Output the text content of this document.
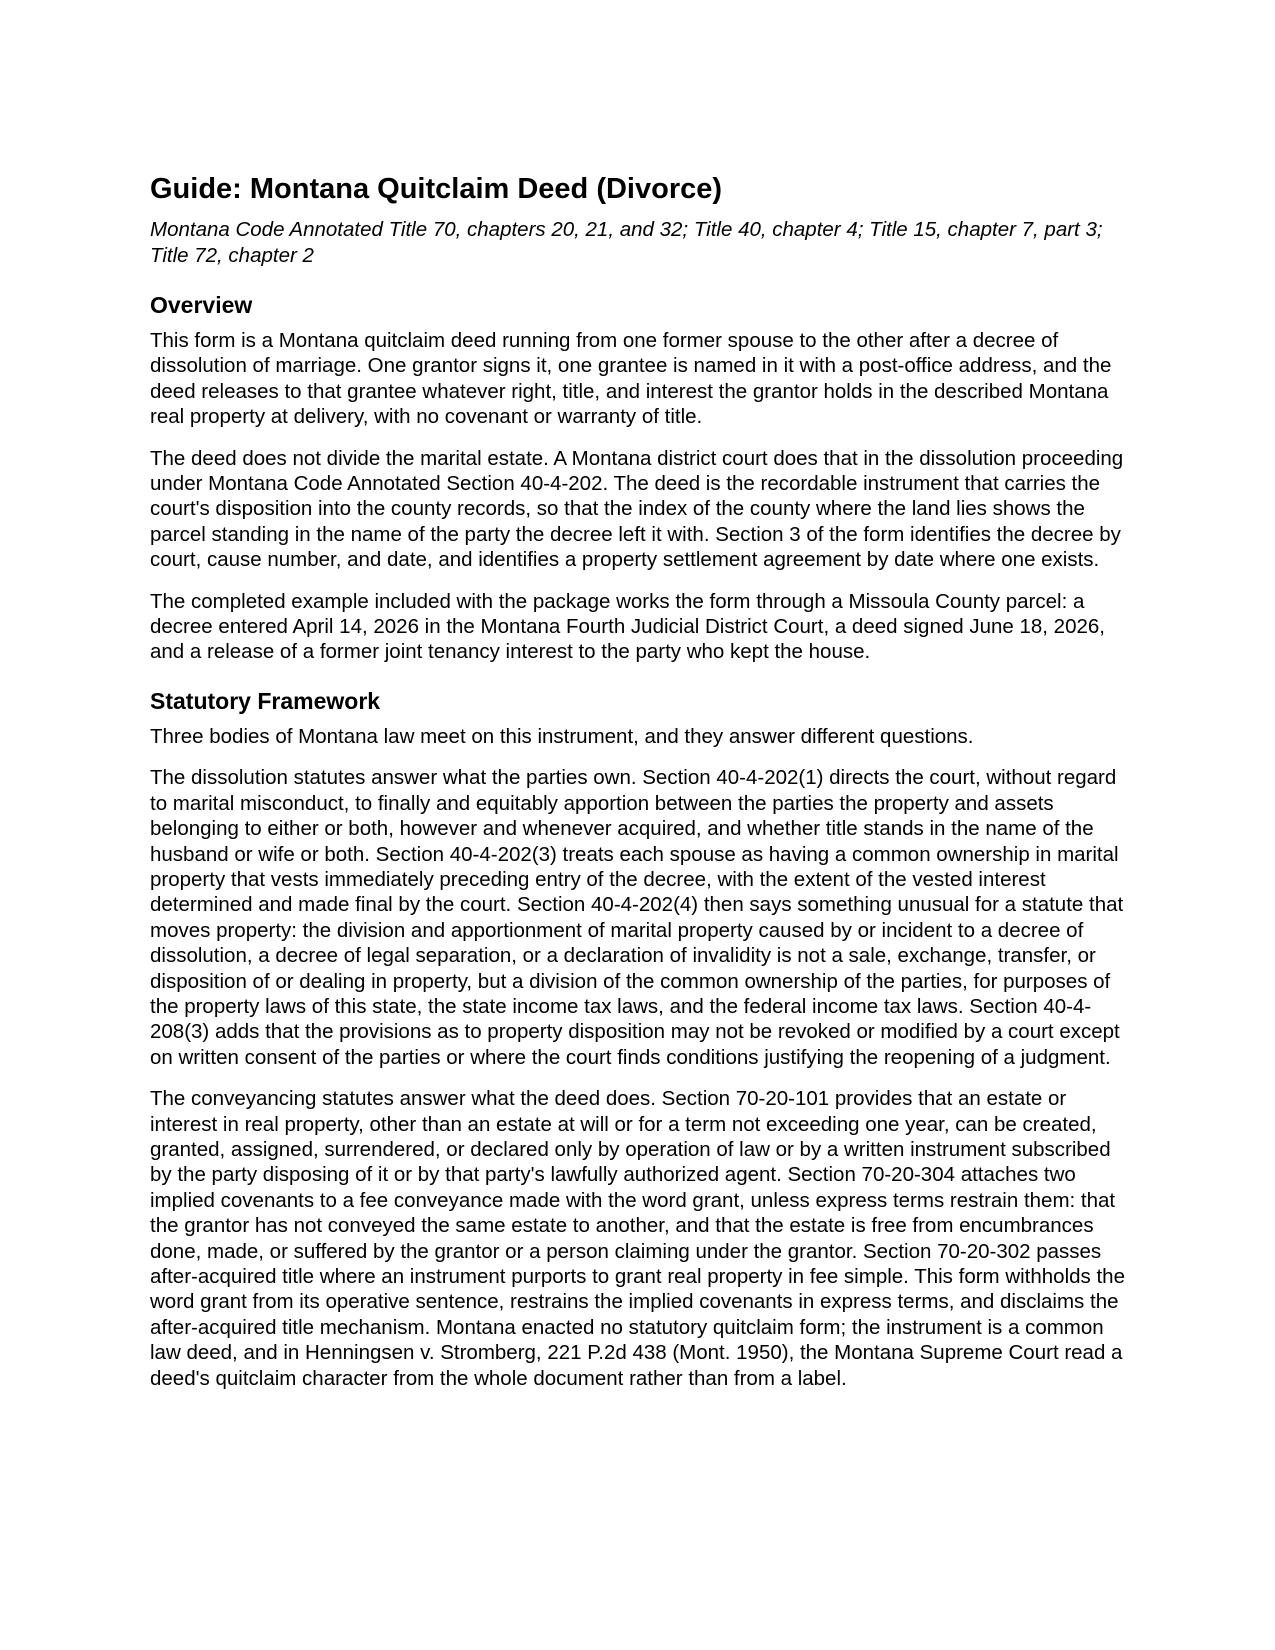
Guide: Montana Quitclaim Deed (Divorce)
Montana Code Annotated Title 70, chapters 20, 21, and 32; Title 40, chapter 4; Title 15, chapter 7, part 3; Title 72, chapter 2
Overview

This form is a Montana quitclaim deed running from one former spouse to the other after a decree of dissolution of marriage. One grantor signs it, one grantee is named in it with a post-office address, and the deed releases to that grantee whatever right, title, and interest the grantor holds in the described Montana real property at delivery, with no covenant or warranty of title.

The deed does not divide the marital estate. A Montana district court does that in the dissolution proceeding under Montana Code Annotated Section 40-4-202. The deed is the recordable instrument that carries the court's disposition into the county records, so that the index of the county where the land lies shows the parcel standing in the name of the party the decree left it with. Section 3 of the form identifies the decree by court, cause number, and date, and identifies a property settlement agreement by date where one exists.

The completed example included with the package works the form through a Missoula County parcel: a decree entered April 14, 2026 in the Montana Fourth Judicial District Court, a deed signed June 18, 2026, and a release of a former joint tenancy interest to the party who kept the house.

Statutory Framework

Three bodies of Montana law meet on this instrument, and they answer different questions.

The dissolution statutes answer what the parties own. Section 40-4-202(1) directs the court, without regard to marital misconduct, to finally and equitably apportion between the parties the property and assets belonging to either or both, however and whenever acquired, and whether title stands in the name of the husband or wife or both. Section 40-4-202(3) treats each spouse as having a common ownership in marital property that vests immediately preceding entry of the decree, with the extent of the vested interest determined and made final by the court. Section 40-4-202(4) then says something unusual for a statute that moves property: the division and apportionment of marital property caused by or incident to a decree of dissolution, a decree of legal separation, or a declaration of invalidity is not a sale, exchange, transfer, or disposition of or dealing in property, but a division of the common ownership of the parties, for purposes of the property laws of this state, the state income tax laws, and the federal income tax laws. Section 40-4-208(3) adds that the provisions as to property disposition may not be revoked or modified by a court except on written consent of the parties or where the court finds conditions justifying the reopening of a judgment.

The conveyancing statutes answer what the deed does. Section 70-20-101 provides that an estate or interest in real property, other than an estate at will or for a term not exceeding one year, can be created, granted, assigned, surrendered, or declared only by operation of law or by a written instrument subscribed by the party disposing of it or by that party's lawfully authorized agent. Section 70-20-304 attaches two implied covenants to a fee conveyance made with the word grant, unless express terms restrain them: that the grantor has not conveyed the same estate to another, and that the estate is free from encumbrances done, made, or suffered by the grantor or a person claiming under the grantor. Section 70-20-302 passes after-acquired title where an instrument purports to grant real property in fee simple. This form withholds the word grant from its operative sentence, restrains the implied covenants in express terms, and disclaims the after-acquired title mechanism. Montana enacted no statutory quitclaim form; the instrument is a common law deed, and in Henningsen v. Stromberg, 221 P.2d 438 (Mont. 1950), the Montana Supreme Court read a deed's quitclaim character from the whole document rather than from a label.
